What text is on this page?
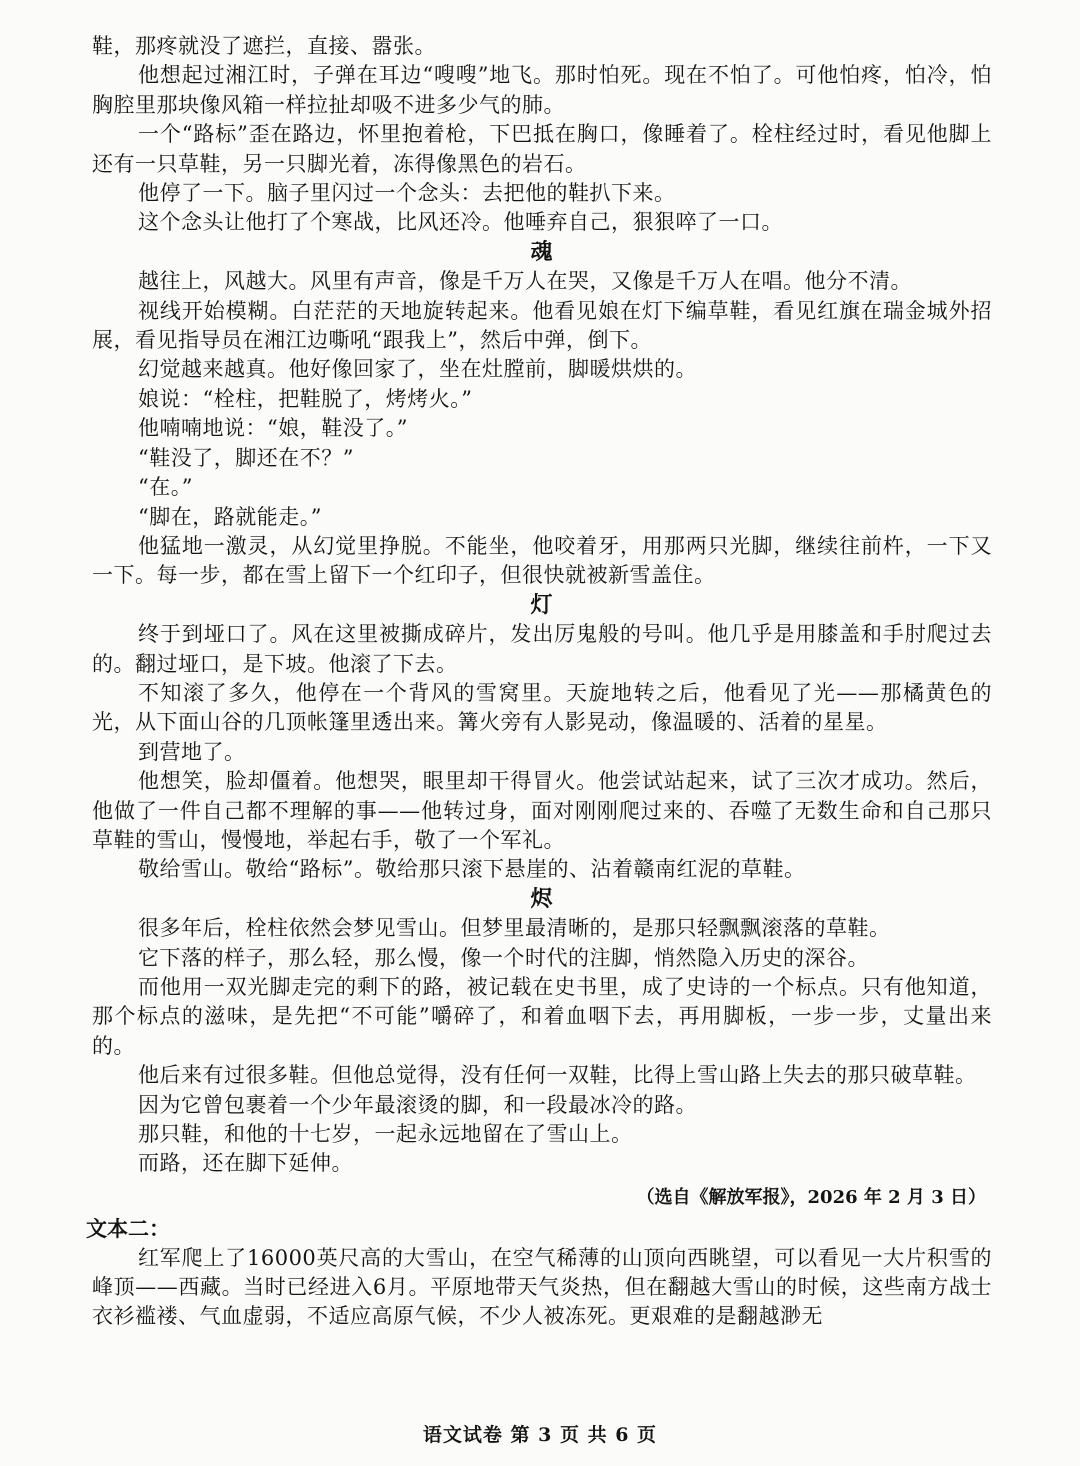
鞋，那疼就没了遮拦，直接、嚣张。

他想起过湘江时，子弹在耳边“嗖嗖”地飞。那时怕死。现在不怕了。可他怕疼，怕冷，怕胸腔里那块像风箱一样拉扯却吸不进多少气的肺。

一个“路标”歪在路边，怀里抱着枪，下巴抵在胸口，像睡着了。栓柱经过时，看见他脚上还有一只草鞋，另一只脚光着，冻得像黑色的岩石。

他停了一下。脑子里闪过一个念头：去把他的鞋扒下来。

这个念头让他打了个寒战，比风还冷。他唾弃自己，狠狠啐了一口。

魂

越往上，风越大。风里有声音，像是千万人在哭，又像是千万人在唱。他分不清。

视线开始模糊。白茫茫的天地旋转起来。他看见娘在灯下编草鞋，看见红旗在瑞金城外招展，看见指导员在湘江边嘶吼“跟我上”，然后中弹，倒下。

幻觉越来越真。他好像回家了，坐在灶膛前，脚暖烘烘的。

娘说：“栓柱，把鞋脱了，烤烤火。”

他喃喃地说：“娘，鞋没了。”

“鞋没了，脚还在不？”

“在。”

“脚在，路就能走。”

他猛地一激灵，从幻觉里挣脱。不能坐，他咬着牙，用那两只光脚，继续往前杵，一下又一下。每一步，都在雪上留下一个红印子，但很快就被新雪盖住。

灯

终于到垭口了。风在这里被撕成碎片，发出厉鬼般的号叫。他几乎是用膝盖和手肘爬过去的。翻过垭口，是下坡。他滚了下去。

不知滚了多久，他停在一个背风的雪窝里。天旋地转之后，他看见了光——那橘黄色的光，从下面山谷的几顶帐篷里透出来。篝火旁有人影晃动，像温暖的、活着的星星。

到营地了。

他想笑，脸却僵着。他想哭，眼里却干得冒火。他尝试站起来，试了三次才成功。然后，他做了一件自己都不理解的事——他转过身，面对刚刚爬过来的、吞噬了无数生命和自己那只草鞋的雪山，慢慢地，举起右手，敬了一个军礼。

敬给雪山。敬给“路标”。敬给那只滚下悬崖的、沾着赣南红泥的草鞋。

烬

很多年后，栓柱依然会梦见雪山。但梦里最清晰的，是那只轻飘飘滚落的草鞋。

它下落的样子，那么轻，那么慢，像一个时代的注脚，悄然隐入历史的深谷。

而他用一双光脚走完的剩下的路，被记载在史书里，成了史诗的一个标点。只有他知道，那个标点的滋味，是先把“不可能”嚼碎了，和着血咽下去，再用脚板，一步一步，丈量出来的。

他后来有过很多鞋。但他总觉得，没有任何一双鞋，比得上雪山路上失去的那只破草鞋。

因为它曾包裹着一个少年最滚烫的脚，和一段最冰冷的路。

那只鞋，和他的十七岁，一起永远地留在了雪山上。

而路，还在脚下延伸。

（选自《解放军报》，2026 年 2 月 3 日）
文本二：

红军爬上了16000英尺高的大雪山，在空气稀薄的山顶向西眺望，可以看见一大片积雪的峰顶——西藏。当时已经进入6月。平原地带天气炎热，但在翻越大雪山的时候，这些南方战士衣衫褴褛、气血虚弱，不适应高原气候，不少人被冻死。更艰难的是翻越渺无

语文试卷 第 3 页 共 6 页
